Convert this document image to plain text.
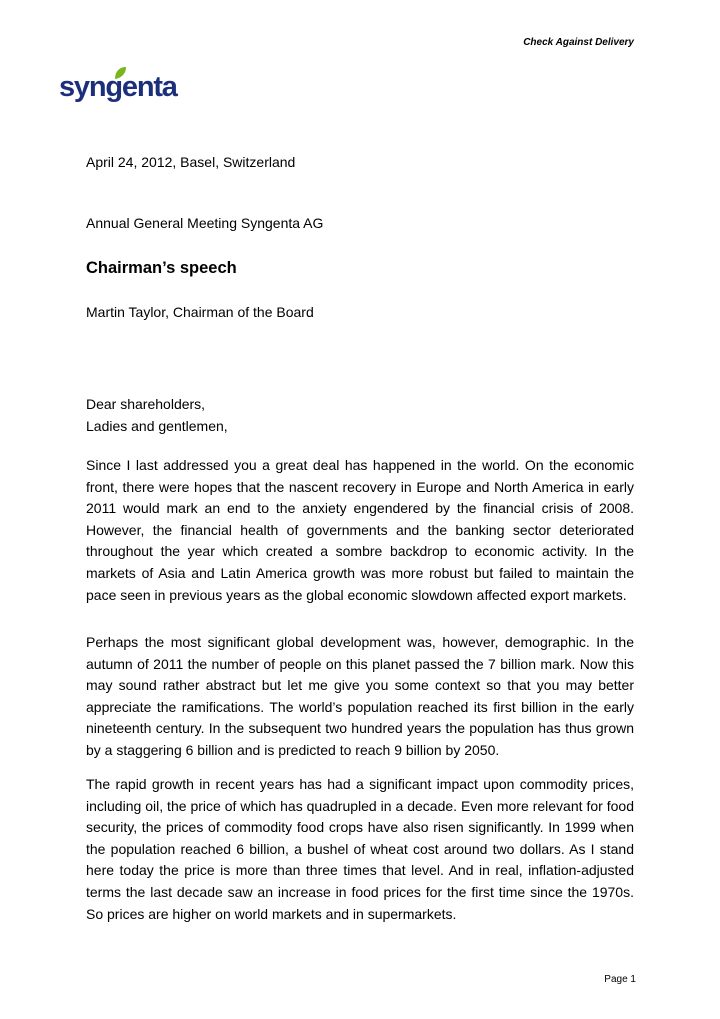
Check Against Delivery
syngenta
April 24, 2012, Basel, Switzerland
Annual General Meeting Syngenta AG
Chairman’s speech
Martin Taylor, Chairman of the Board
Dear shareholders,
Ladies and gentlemen,
Since I last addressed you a great deal has happened in the world. On the economic front, there were hopes that the nascent recovery in Europe and North America in early 2011 would mark an end to the anxiety engendered by the financial crisis of 2008. However, the financial health of governments and the banking sector deteriorated throughout the year which created a sombre backdrop to economic activity. In the markets of Asia and Latin America growth was more robust but failed to maintain the pace seen in previous years as the global economic slowdown affected export markets.
Perhaps the most significant global development was, however, demographic. In the autumn of 2011 the number of people on this planet passed the 7 billion mark. Now this may sound rather abstract but let me give you some context so that you may better appreciate the ramifications. The world’s population reached its first billion in the early nineteenth century. In the subsequent two hundred years the population has thus grown by a staggering 6 billion and is predicted to reach 9 billion by 2050.
The rapid growth in recent years has had a significant impact upon commodity prices, including oil, the price of which has quadrupled in a decade. Even more relevant for food security, the prices of commodity food crops have also risen significantly. In 1999 when the population reached 6 billion, a bushel of wheat cost around two dollars. As I stand here today the price is more than three times that level. And in real, inflation-adjusted terms the last decade saw an increase in food prices for the first time since the 1970s. So prices are higher on world markets and in supermarkets.
Page 1
